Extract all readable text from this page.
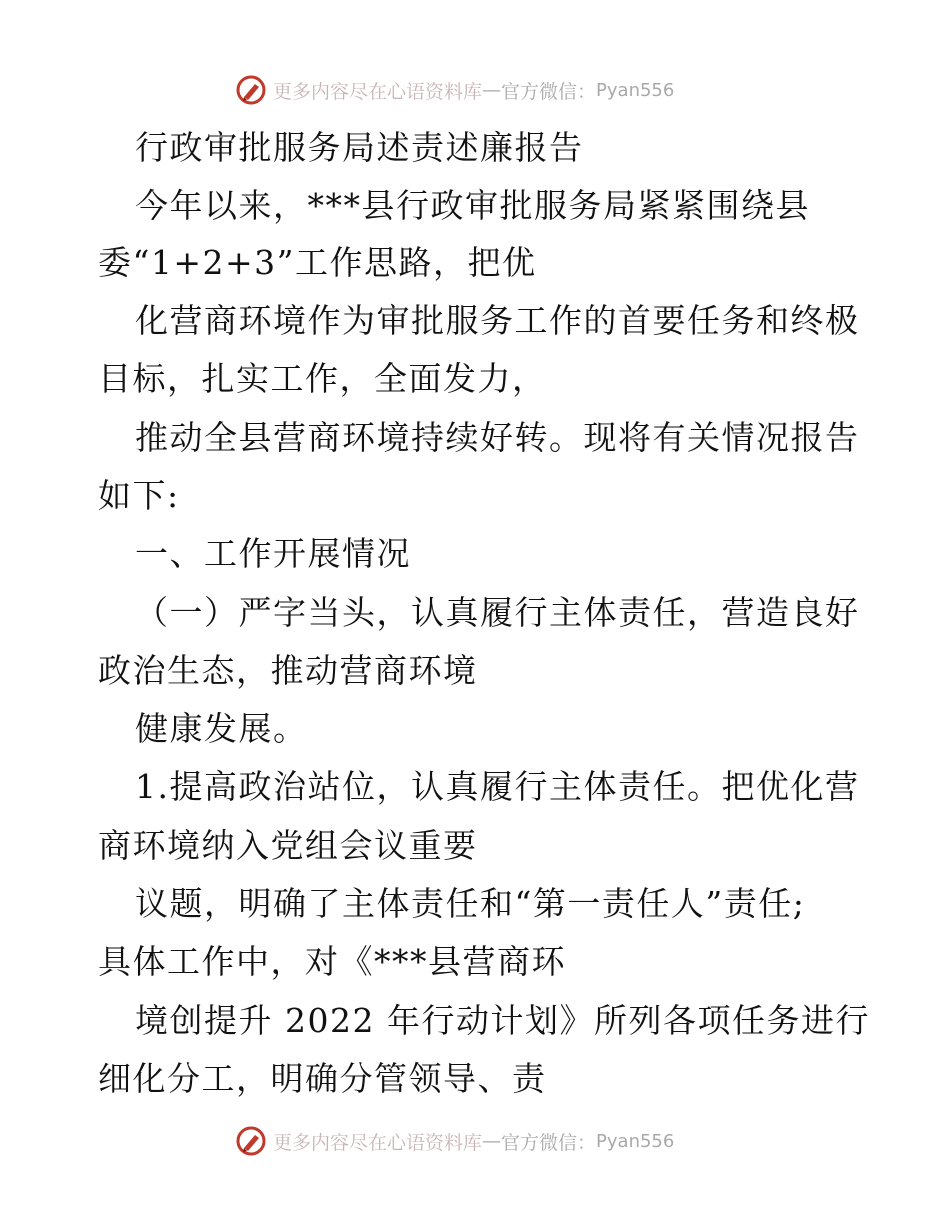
更多内容尽在心语资料库 — 官方微信： Pyan556
行政审批服务局述责述廉报告
今年以来，***县行政审批服务局紧紧围绕县
委“1+2+3”工作思路，把优
化营商环境作为审批服务工作的首要任务和终极
目标，扎实工作，全面发力，
推动全县营商环境持续好转。现将有关情况报告
如下:
一、工作开展情况
（一）严字当头，认真履行主体责任，营造良好
政治生态，推动营商环境
健康发展。
1.提高政治站位，认真履行主体责任。把优化营
商环境纳入党组会议重要
议题，明确了主体责任和“第一责任人”责任;
具体工作中，对《***县营商环
境创提升 2022 年行动计划》所列各项任务进行
细化分工，明确分管领导、责
更多内容尽在心语资料库 — 官方微信： Pyan556
